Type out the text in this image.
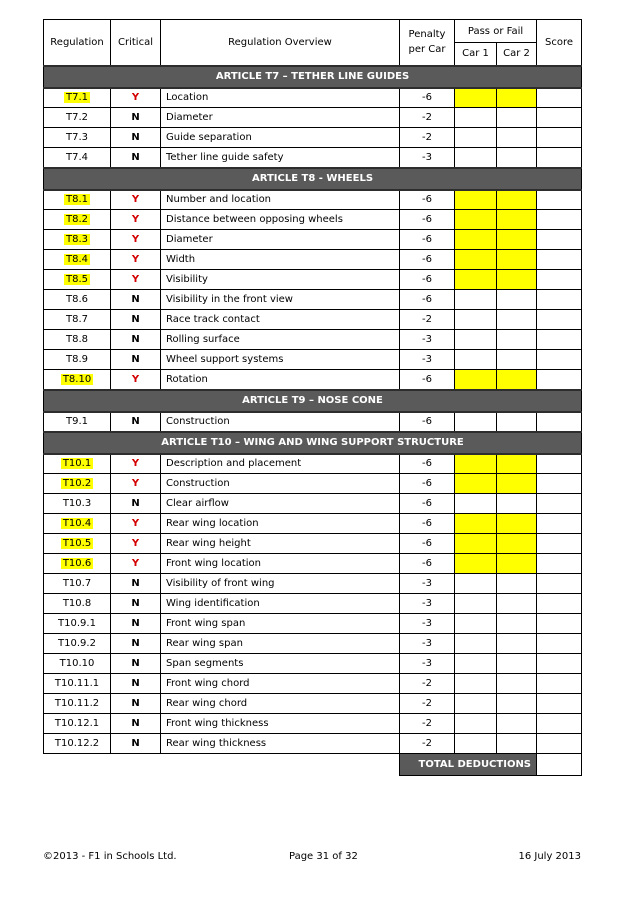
Regulation	Critical	Regulation Overview	Penalty per Car	Pass or Fail		Score
				Car 1	Car 2	
ARTICLE T7 – TETHER LINE GUIDES						
T7.1	Y	Location	-6			
T7.2	N	Diameter	-2			
T7.3	N	Guide separation	-2			
T7.4	N	Tether line guide safety	-3			
ARTICLE T8 - WHEELS						
T8.1	Y	Number and location	-6			
T8.2	Y	Distance between opposing wheels	-6			
T8.3	Y	Diameter	-6			
T8.4	Y	Width	-6			
T8.5	Y	Visibility	-6			
T8.6	N	Visibility in the front view	-6			
T8.7	N	Race track contact	-2			
T8.8	N	Rolling surface	-3			
T8.9	N	Wheel support systems	-3			
T8.10	Y	Rotation	-6			
ARTICLE T9 – NOSE CONE						
T9.1	N	Construction	-6			
ARTICLE T10 – WING AND WING SUPPORT STRUCTURE						
T10.1	Y	Description and placement	-6			
T10.2	Y	Construction	-6			
T10.3	N	Clear airflow	-6			
T10.4	Y	Rear wing location	-6			
T10.5	Y	Rear wing height	-6			
T10.6	Y	Front wing location	-6			
T10.7	N	Visibility of front wing	-3			
T10.8	N	Wing identification	-3			
T10.9.1	N	Front wing span	-3			
T10.9.2	N	Rear wing span	-3			
T10.10	N	Span segments	-3			
T10.11.1	N	Front wing chord	-2			
T10.11.2	N	Rear wing chord	-2			
T10.12.1	N	Front wing thickness	-2			
T10.12.2	N	Rear wing thickness	-2			
			TOTAL DEDUCTIONS			
©2013 - F1 in Schools Ltd.	Page 31 of 32	16 July 2013
